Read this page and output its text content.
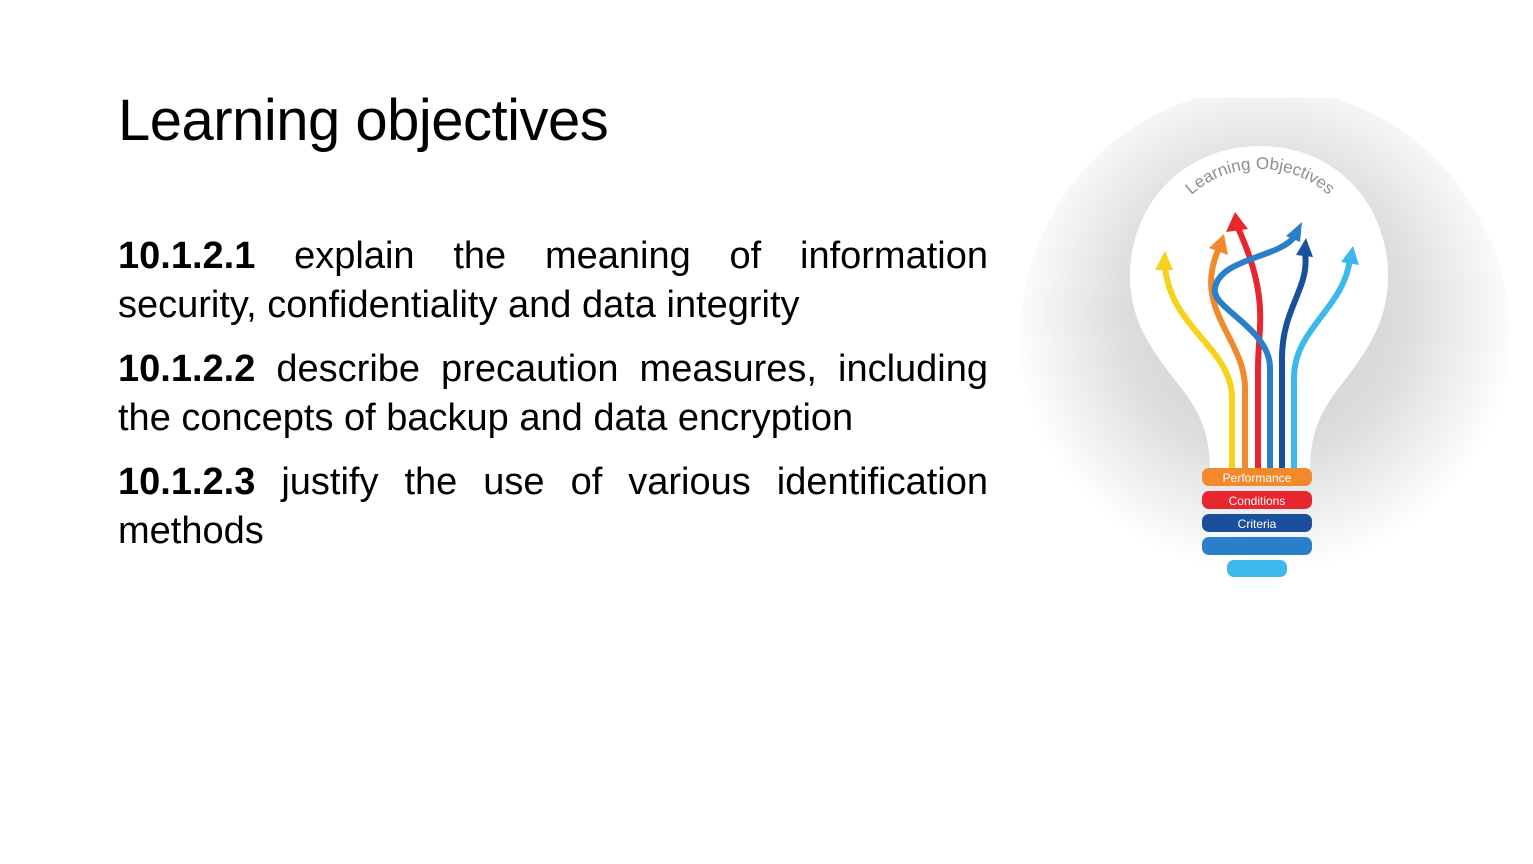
Learning objectives

10.1.2.1 explain the meaning of information security, confidentiality and data integrity

10.1.2.2 describe precaution measures, including the concepts of backup and data encryption

10.1.2.3 justify the use of various identification methods

Learning Objectives
Performance
Conditions
Criteria
